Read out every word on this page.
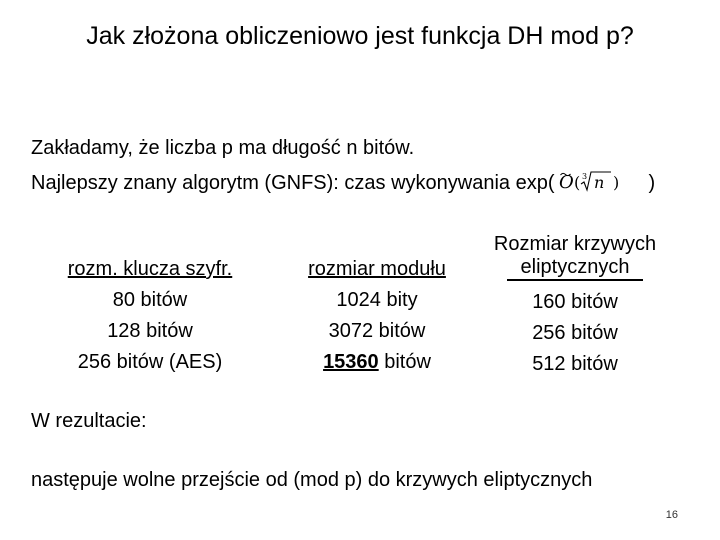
Jak złożona obliczeniowo jest funkcja DH mod p?
Zakładamy, że liczba p ma długość n bitów.
Najlepszy znany algorytm (GNFS): czas wykonywania exp( O ( 3 n ) )
rozm. klucza szyfr.
80 bitów
128 bitów
256 bitów (AES)
rozmiar modułu
1024 bity
3072 bitów
15360 bitów
Rozmiar krzywych
eliptycznych
160 bitów
256 bitów
512 bitów
W rezultacie:
następuje wolne przejście od (mod p) do krzywych eliptycznych
16
